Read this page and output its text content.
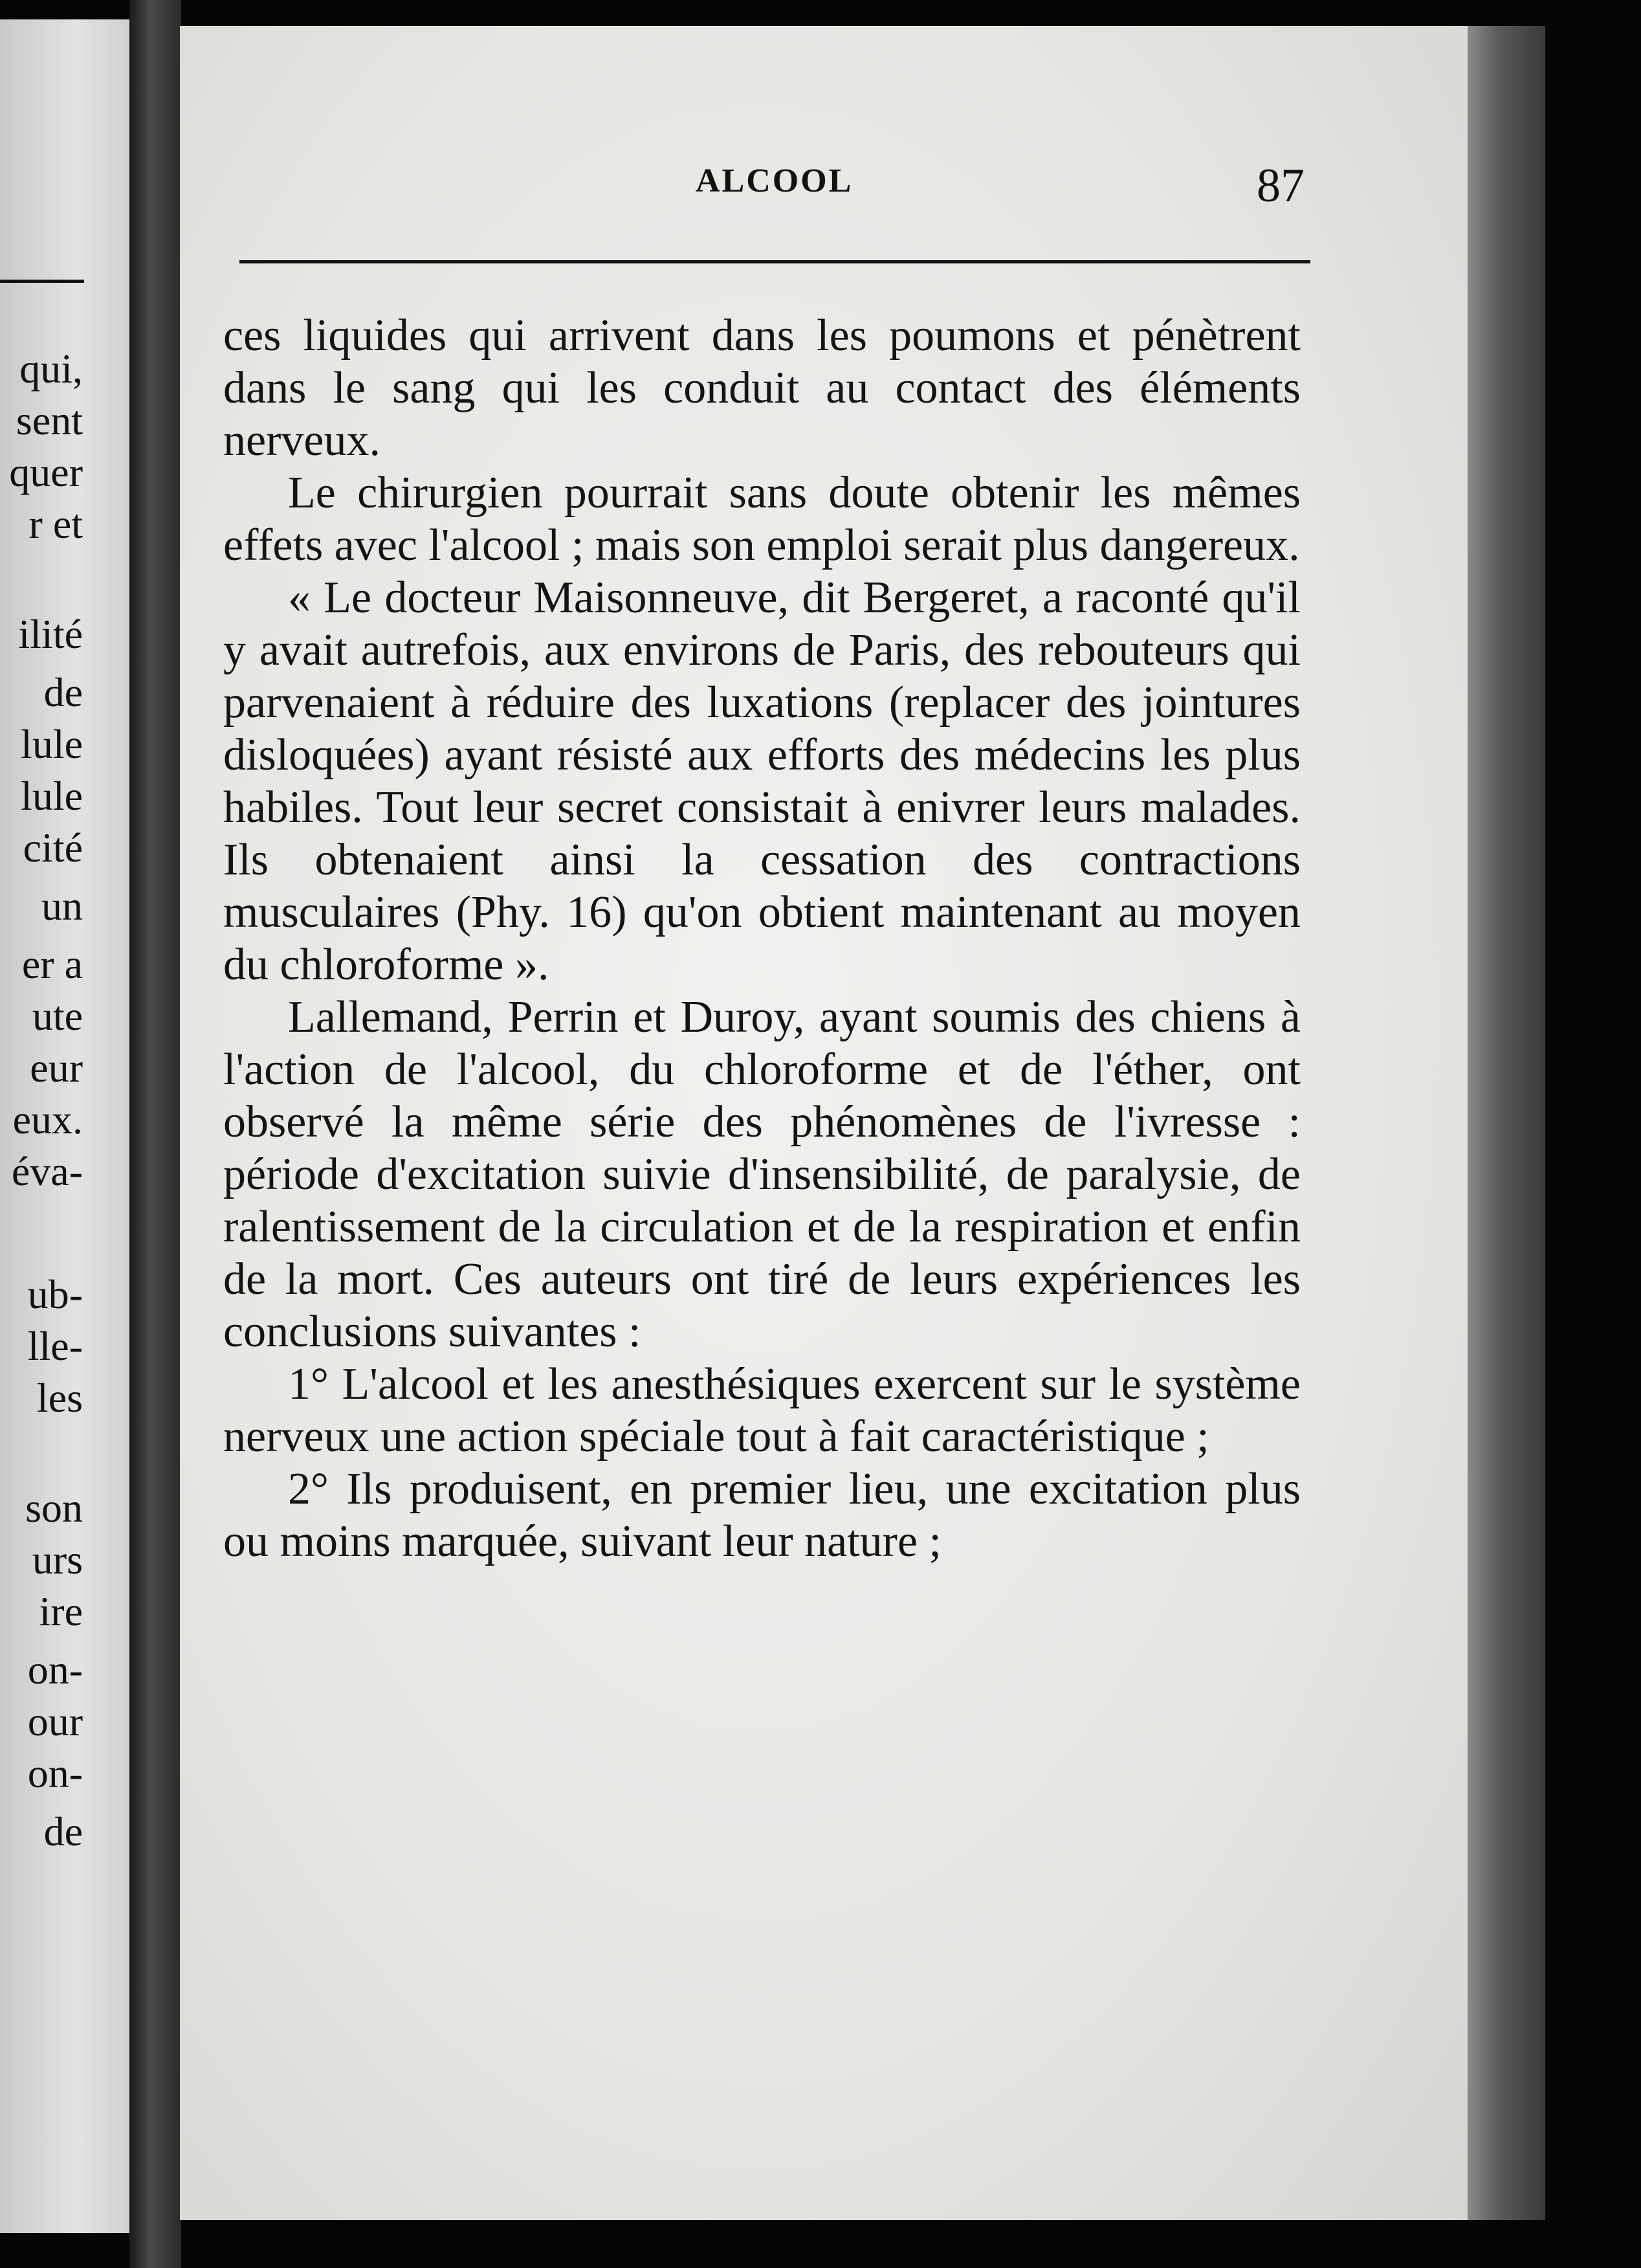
qui,
sent
quer
r et
ilité
de
lule
lule
cité
un
er a
ute
eur
eux.
éva-
ub-
lle-
les
son
urs
ire
on-
our
on-
de
ALCOOL	87

ces liquides qui arrivent dans les poumons et pénètrent dans le sang qui les conduit au contact des éléments nerveux.

Le chirurgien pourrait sans doute obtenir les mêmes effets avec l'alcool ; mais son emploi serait plus dangereux.

« Le docteur Maisonneuve, dit Bergeret, a raconté qu'il y avait autrefois, aux environs de Paris, des rebouteurs qui parvenaient à réduire des luxations (replacer des jointures disloquées) ayant résisté aux efforts des médecins les plus habiles. Tout leur secret consistait à enivrer leurs malades. Ils obtenaient ainsi la cessation des contractions musculaires (Phy. 16) qu'on obtient maintenant au moyen du chloroforme ».

Lallemand, Perrin et Duroy, ayant soumis des chiens à l'action de l'alcool, du chloroforme et de l'éther, ont observé la même série des phénomènes de l'ivresse : période d'excitation suivie d'insensibilité, de paralysie, de ralentissement de la circulation et de la respiration et enfin de la mort. Ces auteurs ont tiré de leurs expériences les conclusions suivantes :

1° L'alcool et les anesthésiques exercent sur le système nerveux une action spéciale tout à fait caractéristique ;

2° Ils produisent, en premier lieu, une excitation plus ou moins marquée, suivant leur nature ;
